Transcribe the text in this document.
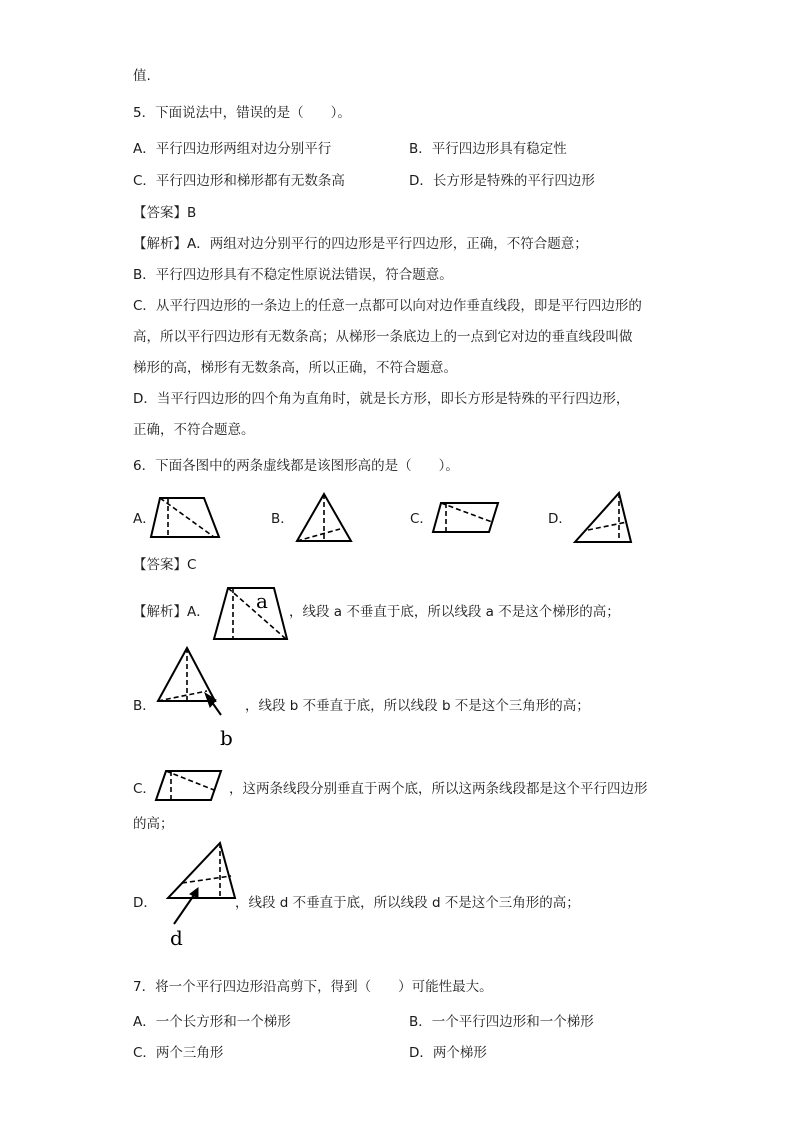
值.
5．下面说法中，错误的是（　　）。
A．平行四边形两组对边分别平行	B．平行四边形具有稳定性
C．平行四边形和梯形都有无数条高	D．长方形是特殊的平行四边形
【答案】B
【解析】A．两组对边分别平行的四边形是平行四边形，正确，不符合题意；
B．平行四边形具有不稳定性原说法错误，符合题意。
C．从平行四边形的一条边上的任意一点都可以向对边作垂直线段，即是平行四边形的
高，所以平行四边形有无数条高；从梯形一条底边上的一点到它对边的垂直线段叫做
梯形的高，梯形有无数条高，所以正确，不符合题意。
D．当平行四边形的四个角为直角时，就是长方形，即长方形是特殊的平行四边形，
正确，不符合题意。
6．下面各图中的两条虚线都是该图形高的是（　　）。
A．	B．	C．	D．
【答案】C
【解析】A． a ，线段 a 不垂直于底，所以线段 a 不是这个梯形的高；
B．
b
，线段 b 不垂直于底，所以线段 b 不是这个三角形的高；
C．	，这两条线段分别垂直于两个底，所以这两条线段都是这个平行四边形
的高；
D．
d
，线段 d 不垂直于底，所以线段 d 不是这个三角形的高；
7．将一个平行四边形沿高剪下，得到（　　）可能性最大。
A．一个长方形和一个梯形	B．一个平行四边形和一个梯形
C．两个三角形	D．两个梯形
